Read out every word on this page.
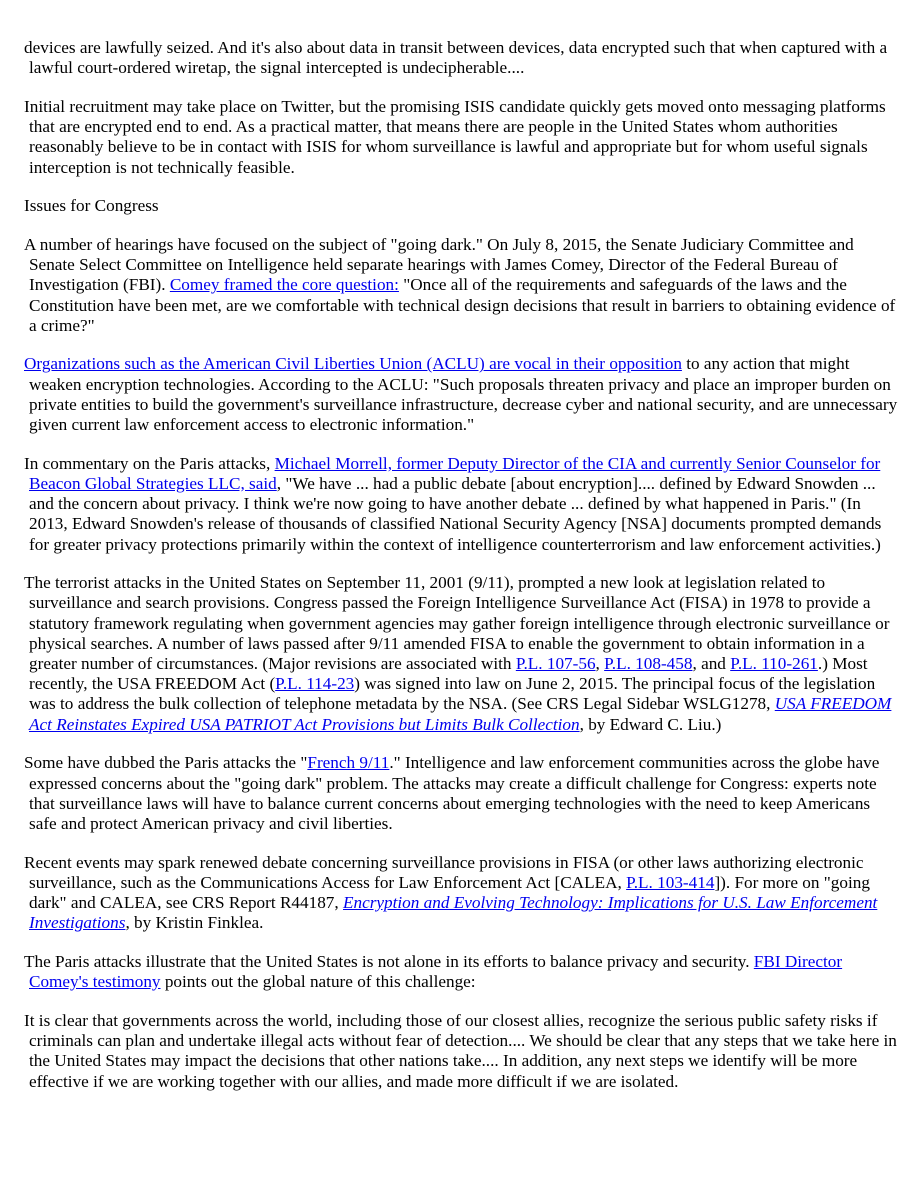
devices are lawfully seized. And it's also about data in transit between devices, data encrypted such that when captured with a lawful court-ordered wiretap, the signal intercepted is undecipherable....

Initial recruitment may take place on Twitter, but the promising ISIS candidate quickly gets moved onto messaging platforms that are encrypted end to end. As a practical matter, that means there are people in the United States whom authorities reasonably believe to be in contact with ISIS for whom surveillance is lawful and appropriate but for whom useful signals interception is not technically feasible.

Issues for Congress

A number of hearings have focused on the subject of "going dark." On July 8, 2015, the Senate Judiciary Committee and Senate Select Committee on Intelligence held separate hearings with James Comey, Director of the Federal Bureau of Investigation (FBI). Comey framed the core question: "Once all of the requirements and safeguards of the laws and the Constitution have been met, are we comfortable with technical design decisions that result in barriers to obtaining evidence of a crime?"

Organizations such as the American Civil Liberties Union (ACLU) are vocal in their opposition to any action that might weaken encryption technologies. According to the ACLU: "Such proposals threaten privacy and place an improper burden on private entities to build the government's surveillance infrastructure, decrease cyber and national security, and are unnecessary given current law enforcement access to electronic information."

In commentary on the Paris attacks, Michael Morrell, former Deputy Director of the CIA and currently Senior Counselor for Beacon Global Strategies LLC, said, "We have ... had a public debate [about encryption].... defined by Edward Snowden ... and the concern about privacy. I think we're now going to have another debate ... defined by what happened in Paris." (In 2013, Edward Snowden's release of thousands of classified National Security Agency [NSA] documents prompted demands for greater privacy protections primarily within the context of intelligence counterterrorism and law enforcement activities.)

The terrorist attacks in the United States on September 11, 2001 (9/11), prompted a new look at legislation related to surveillance and search provisions. Congress passed the Foreign Intelligence Surveillance Act (FISA) in 1978 to provide a statutory framework regulating when government agencies may gather foreign intelligence through electronic surveillance or physical searches. A number of laws passed after 9/11 amended FISA to enable the government to obtain information in a greater number of circumstances. (Major revisions are associated with P.L. 107-56, P.L. 108-458, and P.L. 110-261.) Most recently, the USA FREEDOM Act (P.L. 114-23) was signed into law on June 2, 2015. The principal focus of the legislation was to address the bulk collection of telephone metadata by the NSA. (See CRS Legal Sidebar WSLG1278, USA FREEDOM Act Reinstates Expired USA PATRIOT Act Provisions but Limits Bulk Collection, by Edward C. Liu.)

Some have dubbed the Paris attacks the "French 9/11." Intelligence and law enforcement communities across the globe have expressed concerns about the "going dark" problem. The attacks may create a difficult challenge for Congress: experts note that surveillance laws will have to balance current concerns about emerging technologies with the need to keep Americans safe and protect American privacy and civil liberties.

Recent events may spark renewed debate concerning surveillance provisions in FISA (or other laws authorizing electronic surveillance, such as the Communications Access for Law Enforcement Act [CALEA, P.L. 103-414]). For more on "going dark" and CALEA, see CRS Report R44187, Encryption and Evolving Technology: Implications for U.S. Law Enforcement Investigations, by Kristin Finklea.

The Paris attacks illustrate that the United States is not alone in its efforts to balance privacy and security. FBI Director Comey's testimony points out the global nature of this challenge:

It is clear that governments across the world, including those of our closest allies, recognize the serious public safety risks if criminals can plan and undertake illegal acts without fear of detection.... We should be clear that any steps that we take here in the United States may impact the decisions that other nations take.... In addition, any next steps we identify will be more effective if we are working together with our allies, and made more difficult if we are isolated.
